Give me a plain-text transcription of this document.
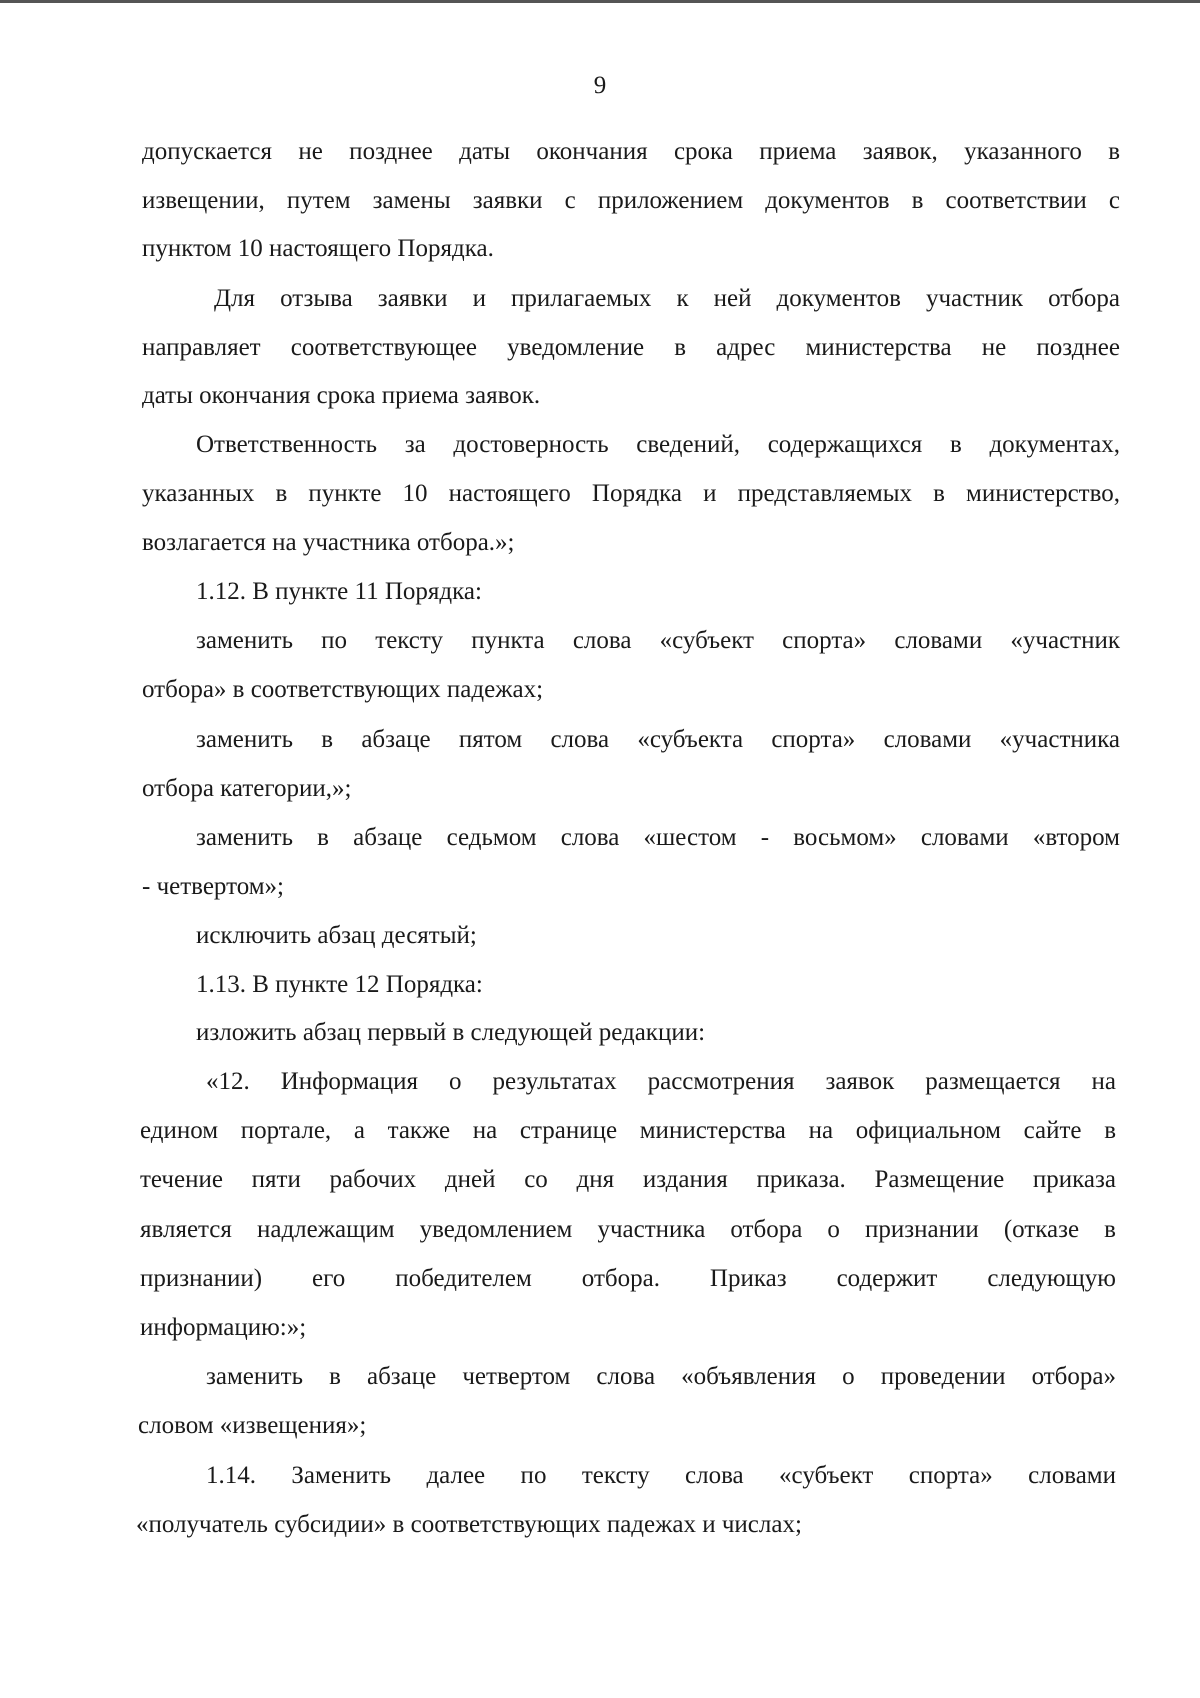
9
допускается не позднее даты окончания срока приема заявок, указанного в
извещении, путем замены заявки с приложением документов в соответствии с
пунктом 10 настоящего Порядка.
Для отзыва заявки и прилагаемых к ней документов участник отбора
направляет соответствующее уведомление в адрес министерства не позднее
даты окончания срока приема заявок.
Ответственность за достоверность сведений, содержащихся в документах,
указанных в пункте 10 настоящего Порядка и представляемых в министерство,
возлагается на участника отбора.»;
1.12. В пункте 11 Порядка:
заменить по тексту пункта слова «субъект спорта» словами «участник
отбора» в соответствующих падежах;
заменить в абзаце пятом слова «субъекта спорта» словами «участника
отбора категории,»;
заменить в абзаце седьмом слова «шестом - восьмом» словами «втором
- четвертом»;
исключить абзац десятый;
1.13. В пункте 12 Порядка:
изложить абзац первый в следующей редакции:
«12. Информация о результатах рассмотрения заявок размещается на
едином портале, а также на странице министерства на официальном сайте в
течение пяти рабочих дней со дня издания приказа. Размещение приказа
является надлежащим уведомлением участника отбора о признании (отказе в
признании) его победителем отбора. Приказ содержит следующую
информацию:»;
заменить в абзаце четвертом слова «объявления о проведении отбора»
словом «извещения»;
1.14. Заменить далее по тексту слова «субъект спорта» словами
«получатель субсидии» в соответствующих падежах и числах;
